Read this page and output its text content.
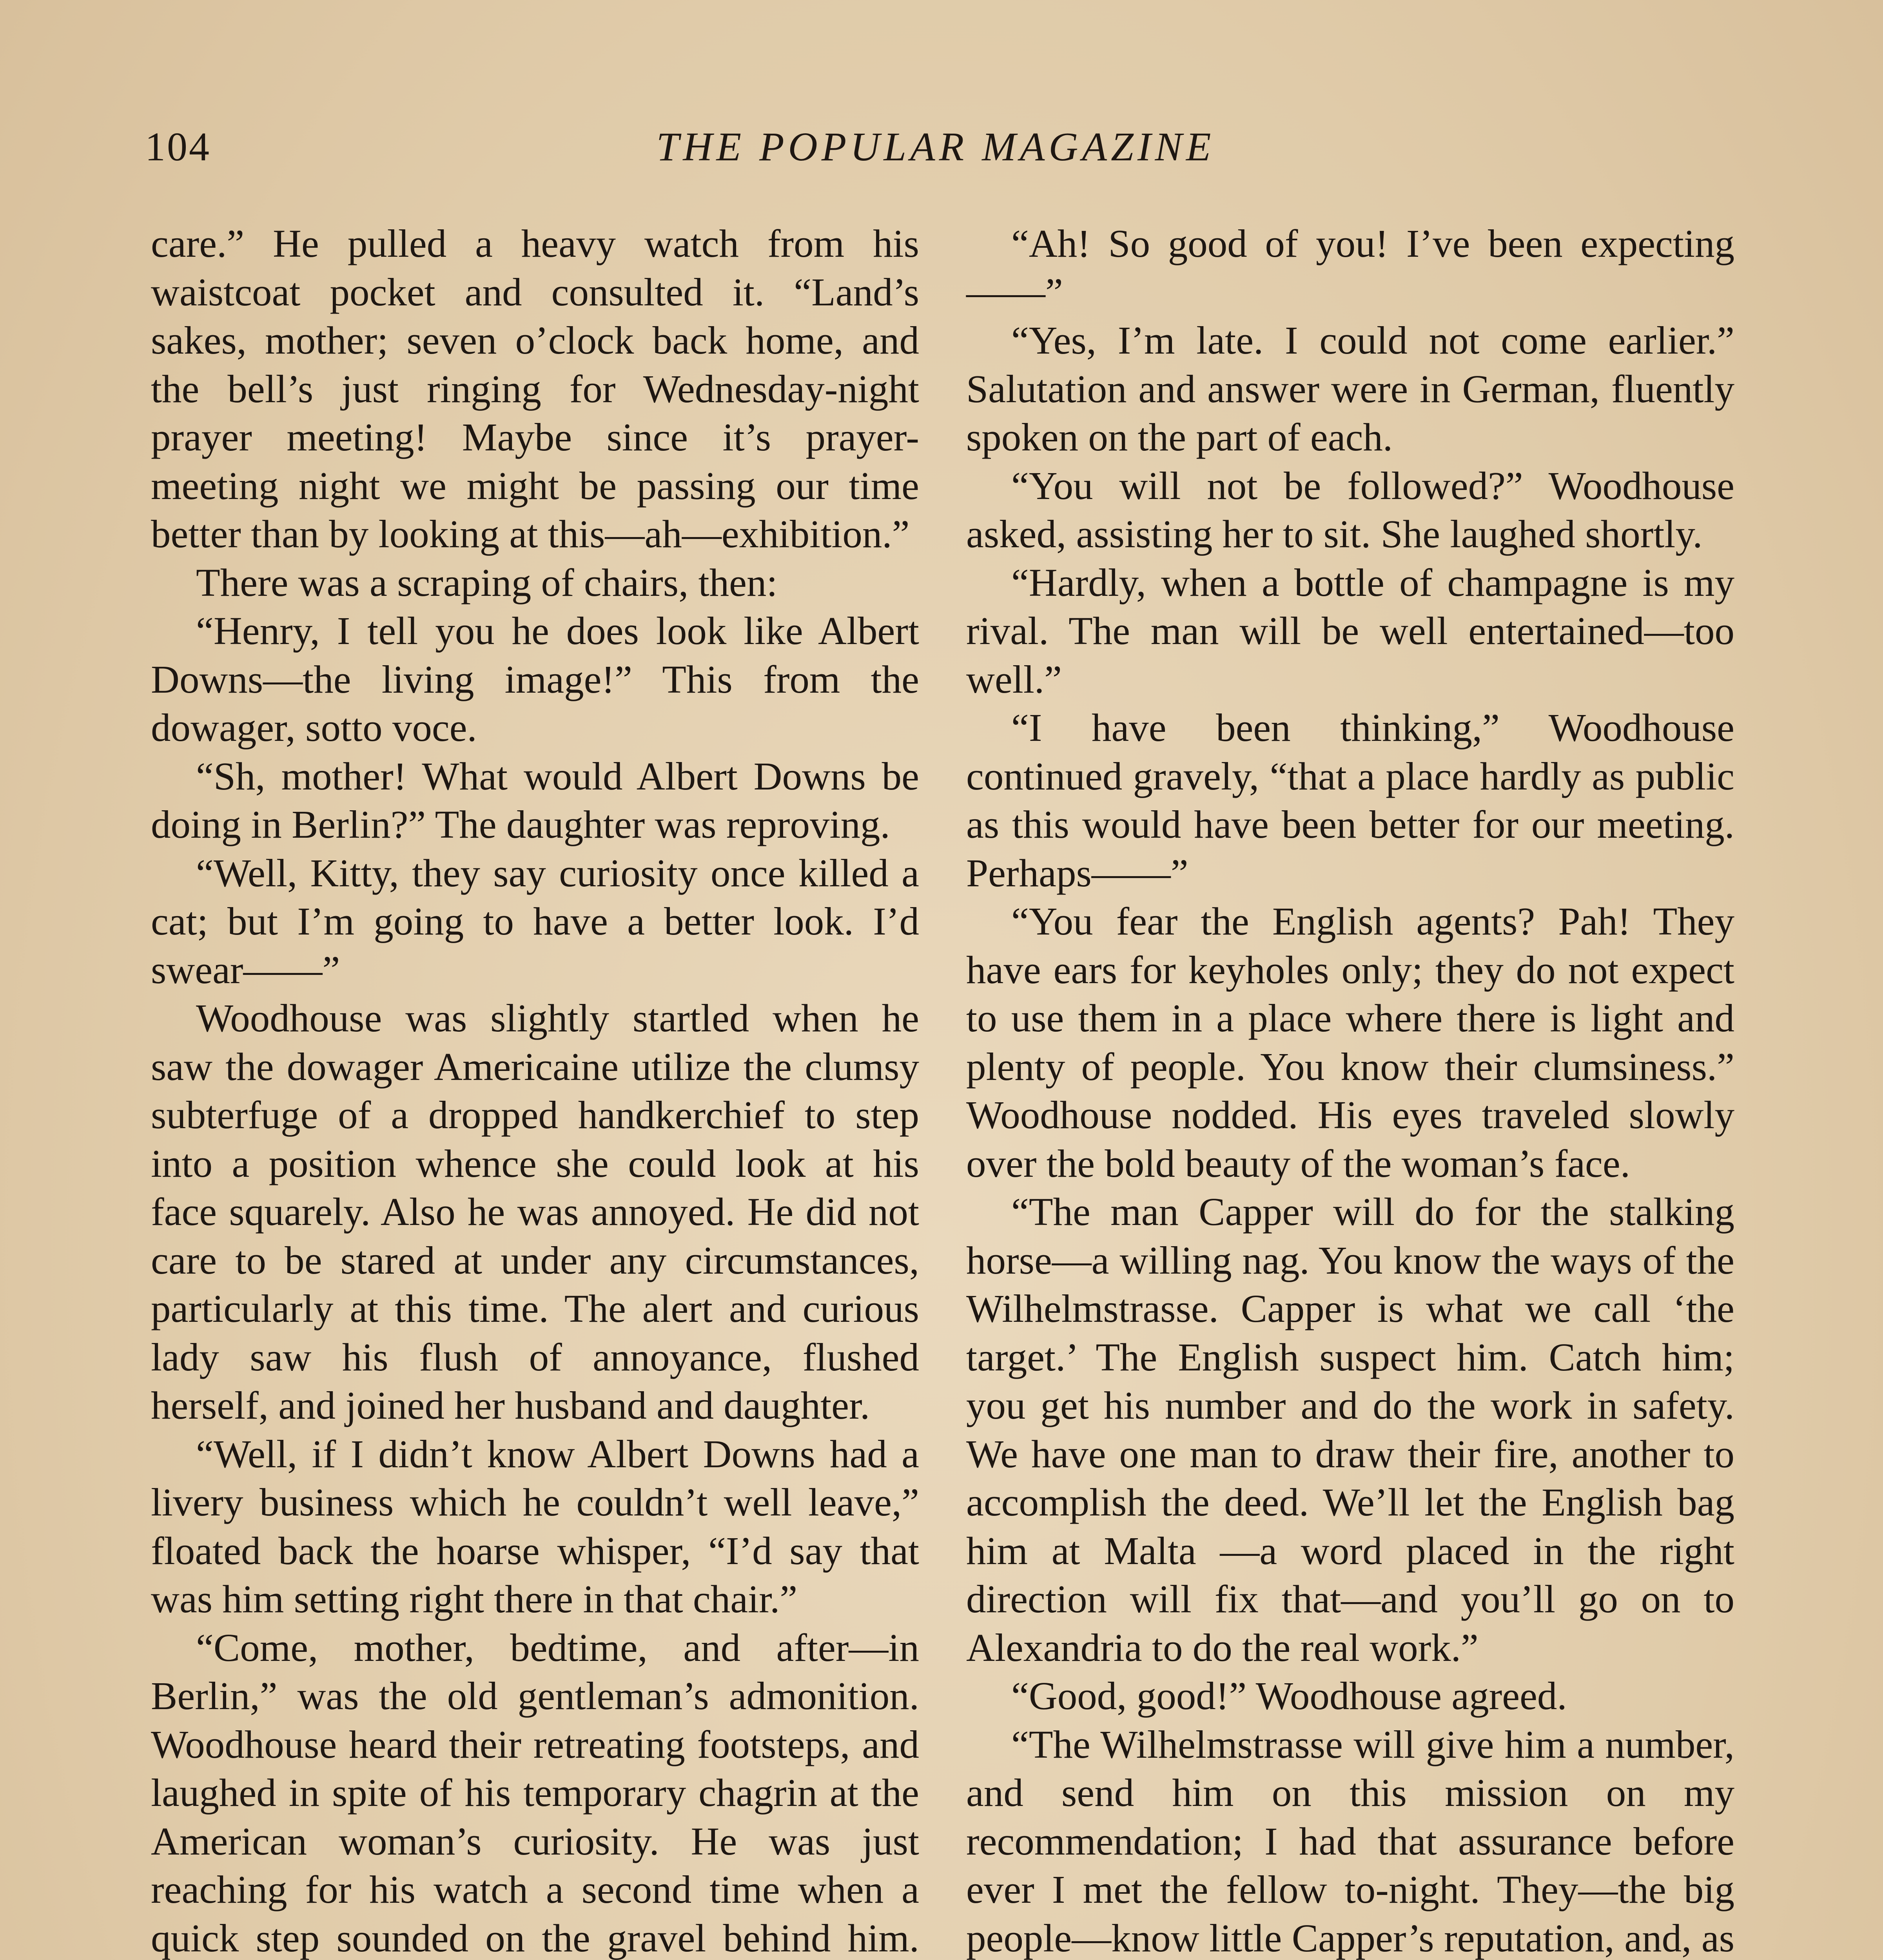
104	THE POPULAR MAGAZINE

care.” He pulled a heavy watch from his waistcoat pocket and consulted it. “Land’s sakes, mother; seven o’clock back home, and the bell’s just ringing for Wednesday-night prayer meeting! Maybe since it’s prayer-meeting night we might be passing our time better than by looking at this—ah—exhibition.”

There was a scraping of chairs, then:

“Henry, I tell you he does look like Albert Downs—the living image!” This from the dowager, sotto voce.

“Sh, mother! What would Albert Downs be doing in Berlin?” The daughter was reproving.

“Well, Kitty, they say curiosity once killed a cat; but I’m going to have a better look. I’d swear——”

Woodhouse was slightly startled when he saw the dowager Americaine utilize the clumsy subterfuge of a dropped handkerchief to step into a position whence she could look at his face squarely. Also he was annoyed. He did not care to be stared at under any circumstances, particularly at this time. The alert and curious lady saw his flush of annoyance, flushed herself, and joined her husband and daughter.

“Well, if I didn’t know Albert Downs had a livery business which he couldn’t well leave,” floated back the hoarse whisper, “I’d say that was him setting right there in that chair.”

“Come, mother, bedtime, and after—in Berlin,” was the old gentleman’s admonition. Woodhouse heard their retreating footsteps, and laughed in spite of his temporary chagrin at the American woman’s curiosity. He was just reaching for his watch a second time when a quick step sounded on the gravel behind him.

“Ah! So good of you! I’ve been expecting——”

“Yes, I’m late. I could not come earlier.” Salutation and answer were in German, fluently spoken on the part of each.

“You will not be followed?” Woodhouse asked, assisting her to sit. She laughed shortly.

“Hardly, when a bottle of champagne is my rival. The man will be well entertained—too well.”

“I have been thinking,” Woodhouse continued gravely, “that a place hardly as public as this would have been better for our meeting. Perhaps——”

“You fear the English agents? Pah! They have ears for keyholes only; they do not expect to use them in a place where there is light and plenty of people. You know their clumsiness.” Woodhouse nodded. His eyes traveled slowly over the bold beauty of the woman’s face.

“The man Capper will do for the stalking horse—a willing nag. You know the ways of the Wilhelmstrasse. Capper is what we call ‘the target.’ The English suspect him. Catch him; you get his number and do the work in safety. We have one man to draw their fire, another to accomplish the deed. We’ll let the English bag him at Malta —a word placed in the right direction will fix that—and you’ll go on to Alexandria to do the real work.”

“Good, good!” Woodhouse agreed.

“The Wilhelmstrasse will give him a number, and send him on this mission on my recommendation; I had that assurance before ever I met the fellow to-night. They—the big people—know little Capper’s reputation, and, as
